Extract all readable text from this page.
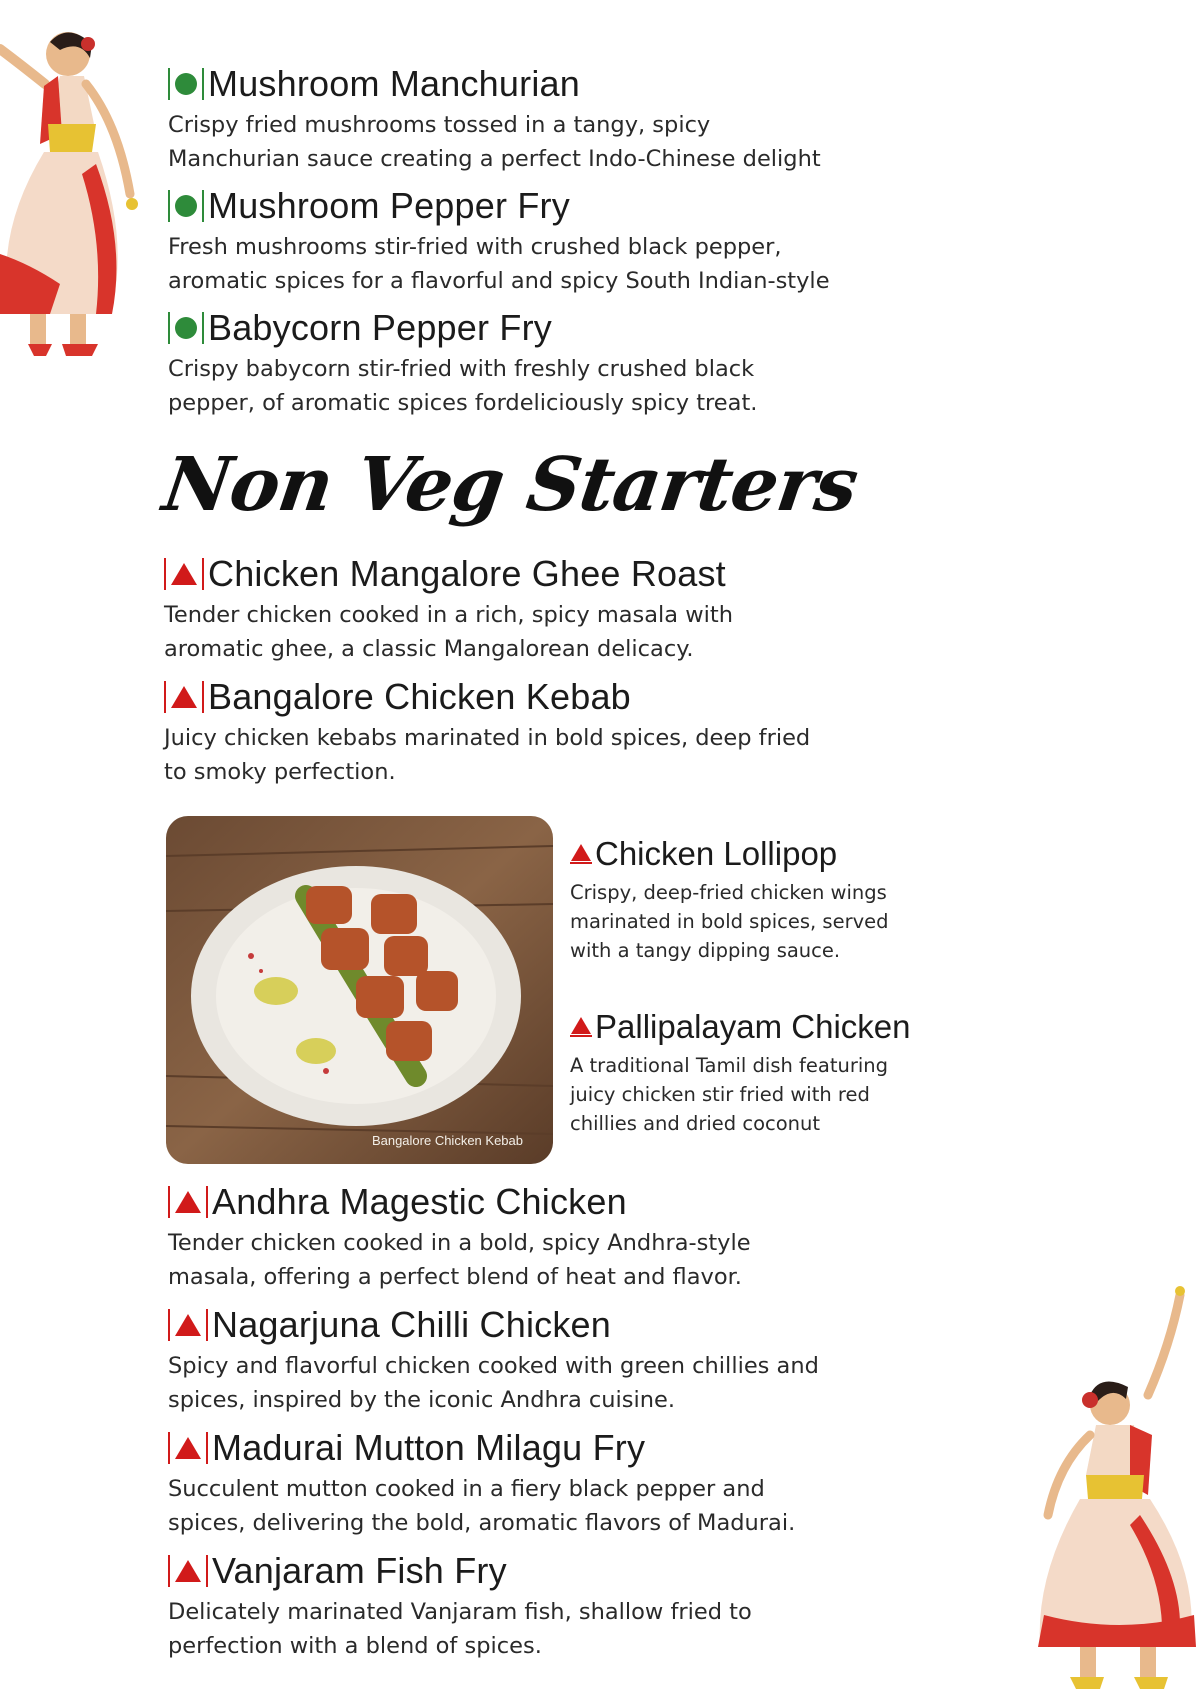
Mushroom Manchurian
Crispy fried mushrooms tossed in a tangy, spicy
Manchurian sauce creating a perfect Indo-Chinese delight
Mushroom Pepper Fry
Fresh mushrooms stir-fried with crushed black pepper,
aromatic spices for a flavorful and spicy South Indian-style
Babycorn Pepper Fry
Crispy babycorn stir-fried with freshly crushed black
pepper, of aromatic spices fordeliciously spicy treat.
Non Veg Starters
Chicken Mangalore Ghee Roast
Tender chicken cooked in a rich, spicy masala with
aromatic ghee, a classic Mangalorean delicacy.
Bangalore Chicken Kebab
Juicy chicken kebabs marinated in bold spices, deep fried
to smoky perfection.
Bangalore Chicken Kebab
Chicken Lollipop
Crispy, deep-fried chicken wings
marinated in bold spices, served
with a tangy dipping sauce.
Pallipalayam Chicken
A traditional Tamil dish featuring
juicy chicken stir fried with red
chillies and dried coconut
Andhra Magestic Chicken
Tender chicken cooked in a bold, spicy Andhra-style
masala, offering a perfect blend of heat and flavor.
Nagarjuna Chilli Chicken
Spicy and flavorful chicken cooked with green chillies and
spices, inspired by the iconic Andhra cuisine.
Madurai Mutton Milagu Fry
Succulent mutton cooked in a fiery black pepper and
spices, delivering the bold, aromatic flavors of Madurai.
Vanjaram Fish Fry
Delicately marinated Vanjaram fish, shallow fried to
perfection with a blend of spices.
